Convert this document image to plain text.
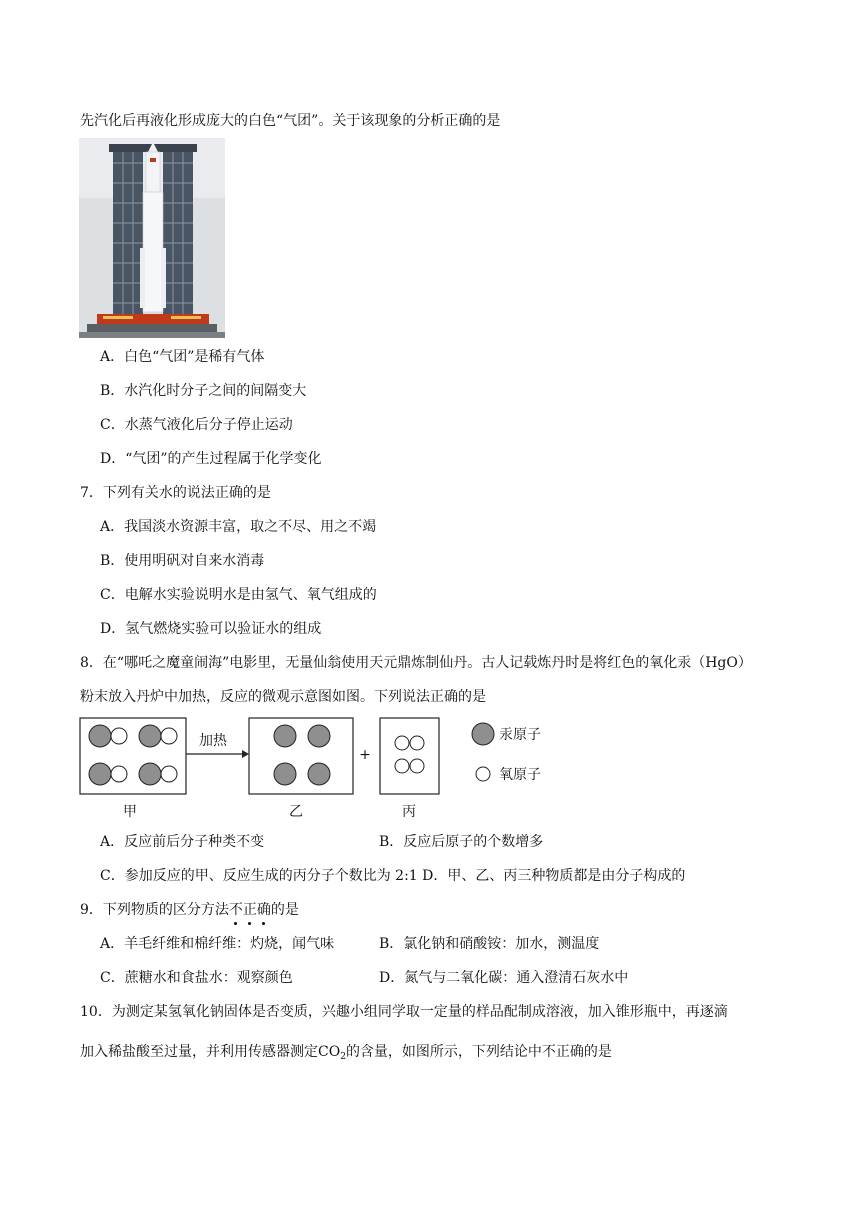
先汽化后再液化形成庞大的白色“气团”。关于该现象的分析正确的是
A．白色“气团”是稀有气体
B．水汽化时分子之间的间隔变大
C．水蒸气液化后分子停止运动
D．“气团”的产生过程属于化学变化
7．下列有关水的说法正确的是
A．我国淡水资源丰富，取之不尽、用之不竭
B．使用明矾对自来水消毒
C．电解水实验说明水是由氢气、氧气组成的
D．氢气燃烧实验可以验证水的组成
8．在“哪吒之魔童闹海”电影里，无量仙翁使用天元鼎炼制仙丹。古人记载炼丹时是将红色的氧化汞（HgO）
粉末放入丹炉中加热，反应的微观示意图如图。下列说法正确的是
加热
+
汞原子
氧原子
甲	乙	丙
A．反应前后分子种类不变	B．反应后原子的个数增多
C．参加反应的甲、反应生成的丙分子个数比为 2:1 D．甲、乙、丙三种物质都是由分子构成的
9．下列物质的区分方法不正确的是
A．羊毛纤维和棉纤维：灼烧，闻气味	B．氯化钠和硝酸铵：加水，测温度
C．蔗糖水和食盐水：观察颜色	D．氮气与二氧化碳：通入澄清石灰水中
10．为测定某氢氧化钠固体是否变质，兴趣小组同学取一定量的样品配制成溶液，加入锥形瓶中，再逐滴
加入稀盐酸至过量，并利用传感器测定$CO_2$的含量，如图所示，下列结论中不正确的是
